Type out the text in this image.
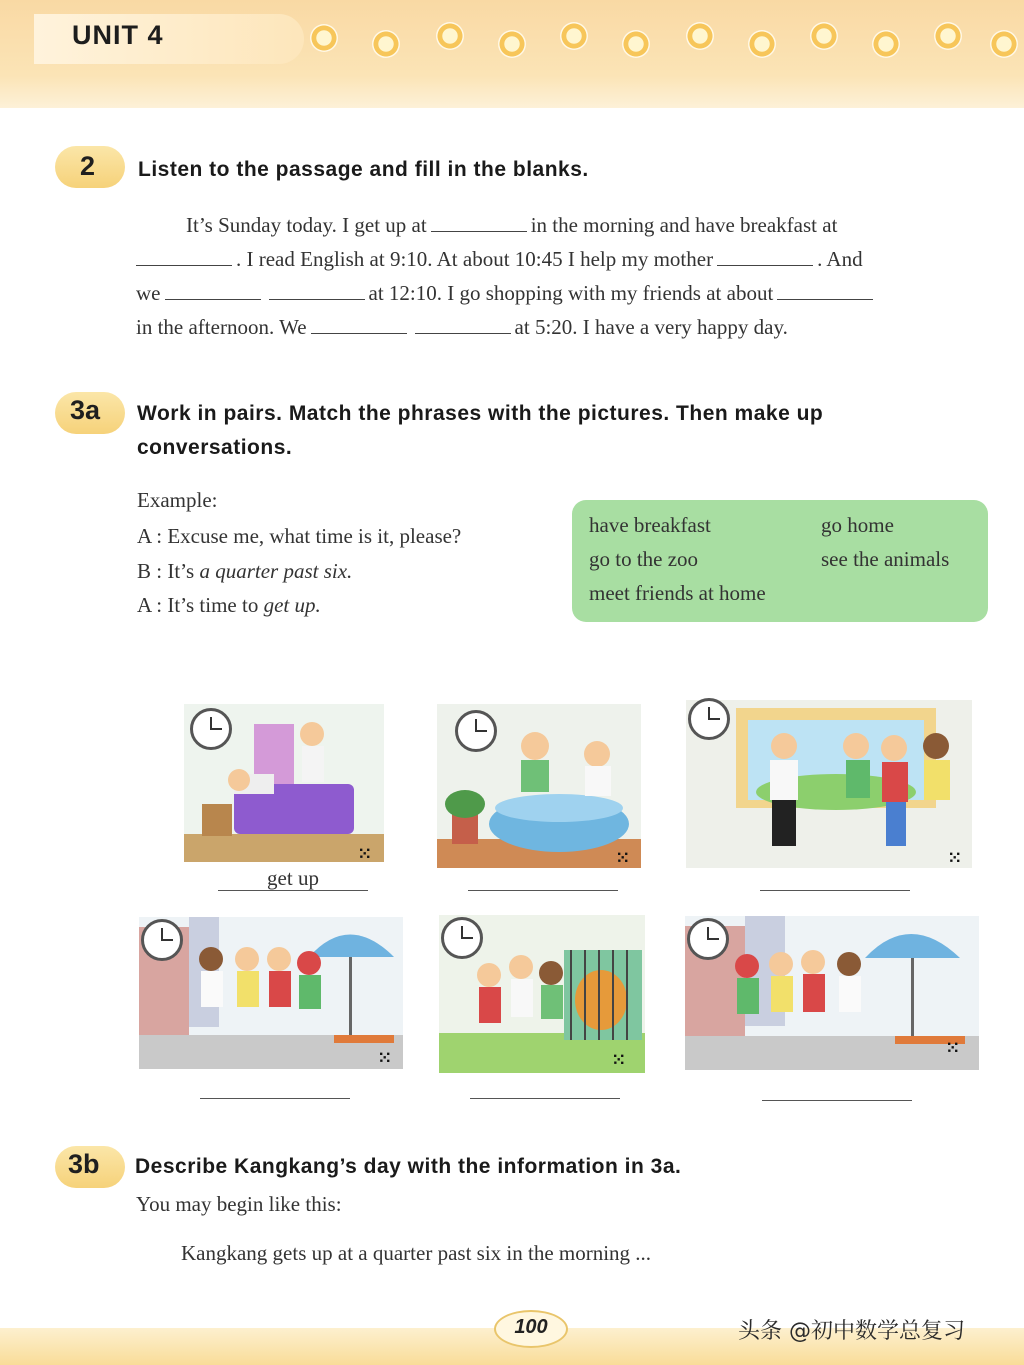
UNIT 4
2 Listen to the passage and fill in the blanks.
It’s Sunday today. I get up at	in the morning and have breakfast at
. I read English at 9:10. At about 10:45 I help my mother	. And
we	at 12:10. I go shopping with my friends at about
in the afternoon. We	at 5:20. I have a very happy day.
3a Work in pairs. Match the phrases with the pictures. Then make up
conversations.
Example:
A : Excuse me, what time is it, please?
B : It’s a quarter past six.
A : It’s time to get up.
have breakfast	go home
go to the zoo	see the animals
meet friends at home
⁙	⁙	⁙
get up
⁙	⁙
⁙
3b Describe Kangkang’s day with the information in 3a.
You may begin like this:
Kangkang gets up at a quarter past six in the morning ...
100	头条 @初中数学总复习
